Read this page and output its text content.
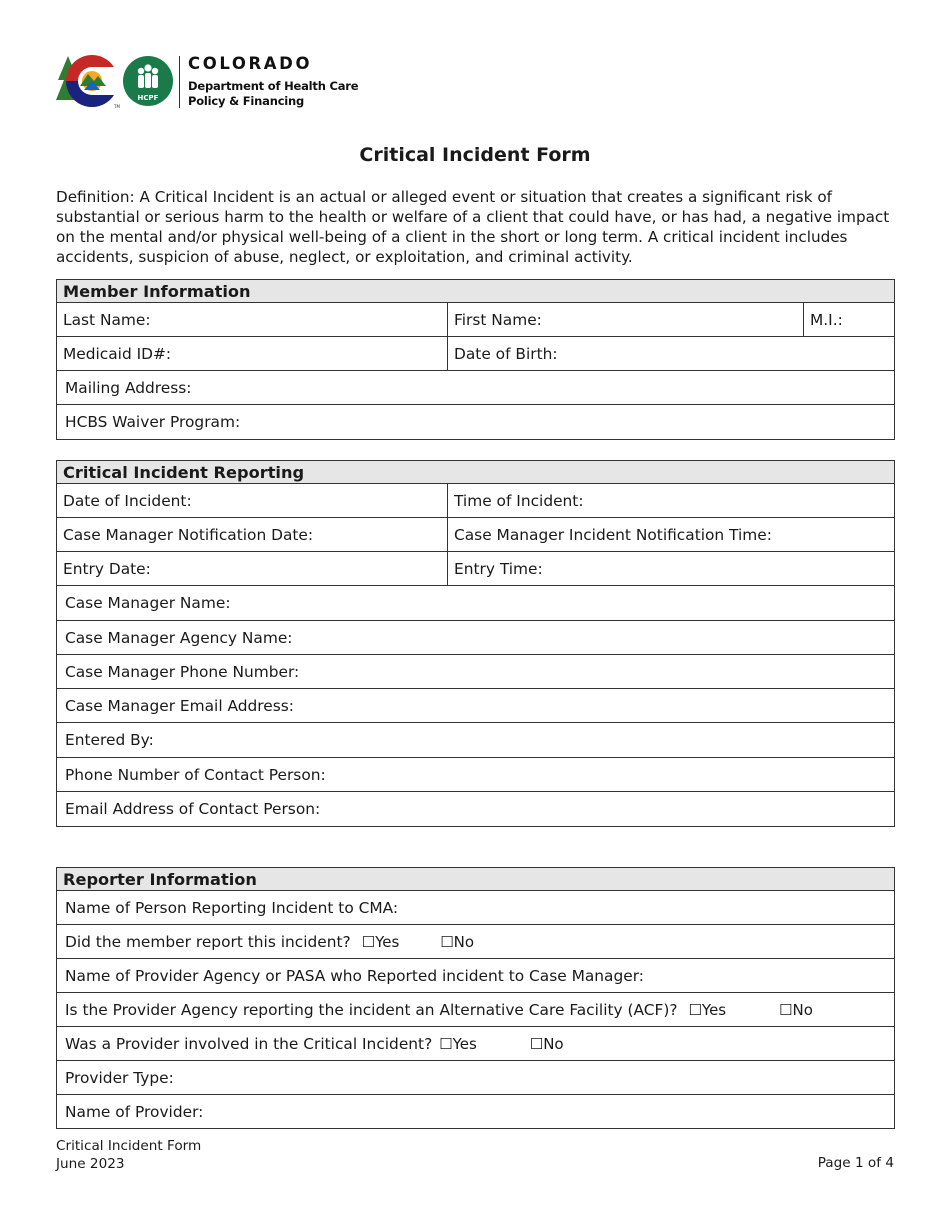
HCPF
TM
COLORADO
Department of Health Care
Policy & Financing
Critical Incident Form
Definition: A Critical Incident is an actual or alleged event or situation that creates a significant risk of substantial or serious harm to the health or welfare of a client that could have, or has had, a negative impact on the mental and/or physical well-being of a client in the short or long term. A critical incident includes accidents, suspicion of abuse, neglect, or exploitation, and criminal activity.
Member Information		
Last Name:	First Name:	M.I.:
Medicaid ID#:	Date of Birth:	
Mailing Address:		
HCBS Waiver Program:		
Critical Incident Reporting	
Date of Incident:	Time of Incident:
Case Manager Notification Date:	Case Manager Incident Notification Time:
Entry Date:	Entry Time:
Case Manager Name:	
Case Manager Agency Name:	
Case Manager Phone Number:	
Case Manager Email Address:	
Entered By:	
Phone Number of Contact Person:	
Email Address of Contact Person:	
Reporter Information
Name of Person Reporting Incident to CMA:
Did the member report this incident? ☐Yes	☐No
Name of Provider Agency or PASA who Reported incident to Case Manager:
Is the Provider Agency reporting the incident an Alternative Care Facility (ACF)? ☐Yes	☐No
Was a Provider involved in the Critical Incident? ☐Yes	☐No
Provider Type:
Name of Provider:
Critical Incident Form
June 2023	Page 1 of 4
